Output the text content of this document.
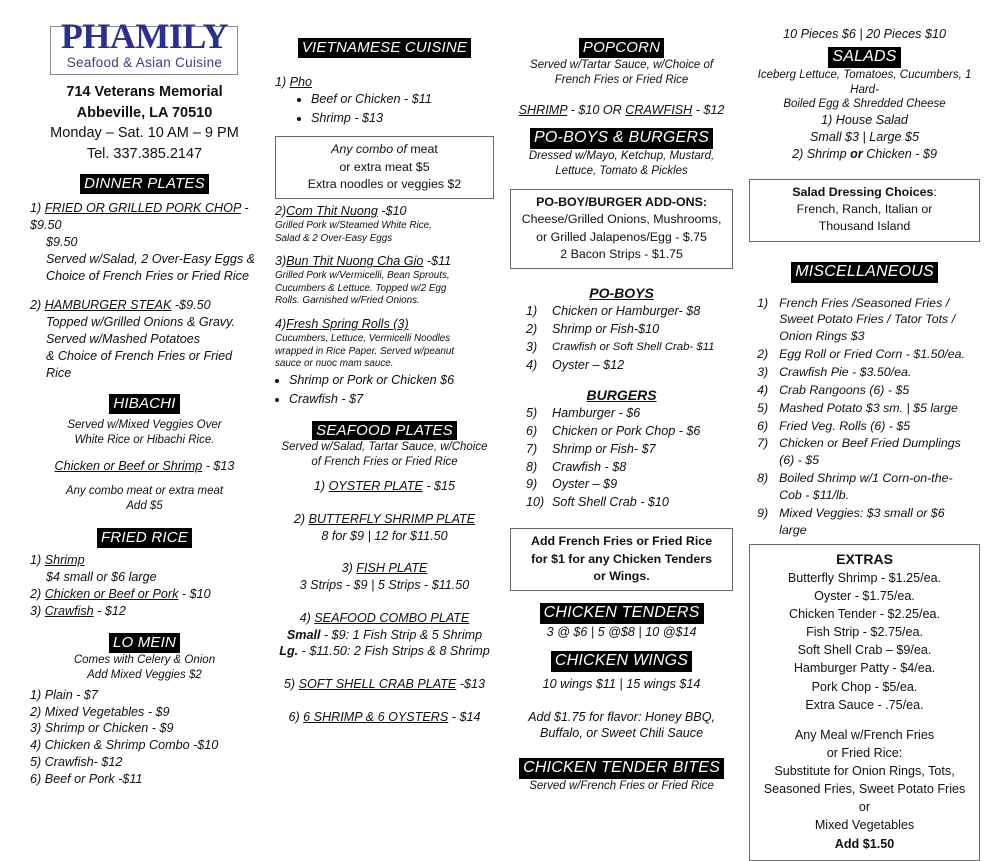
PHAMILY
Seafood & Asian Cuisine
714 Veterans Memorial
Abbeville, LA 70510
Monday – Sat. 10 AM – 9 PM
Tel. 337.385.2147
DINNER PLATES
1) FRIED OR GRILLED PORK CHOP - $9.50
$9.50
Served w/Salad, 2 Over-Easy Eggs &
Choice of French Fries or Fried Rice
2) HAMBURGER STEAK -$9.50
Topped w/Grilled Onions & Gravy.
Served w/Mashed Potatoes
& Choice of French Fries or Fried Rice
HIBACHI
Served w/Mixed Veggies Over
White Rice or Hibachi Rice.
Chicken or Beef or Shrimp - $13
Any combo meat or extra meat
Add $5
FRIED RICE
1) Shrimp
$4 small or $6 large
2) Chicken or Beef or Pork - $10
3) Crawfish - $12
LO MEIN
Comes with Celery & Onion
Add Mixed Veggies $2
1) Plain - $7
2) Mixed Vegetables - $9
3) Shrimp or Chicken - $9
4) Chicken & Shrimp Combo -$10
5) Crawfish- $12
6) Beef or Pork -$11
VIETNAMESE CUISINE
1) Pho
• Beef or Chicken - $11
• Shrimp - $13
Any combo of meat
or extra meat $5
Extra noodles or veggies $2
2)Com Thit Nuong -$10
Grilled Pork w/Steamed White Rice,
Salad & 2 Over-Easy Eggs
3)Bun Thit Nuong Cha Gio -$11
Grilled Pork w/Vermicelli, Bean Sprouts,
Cucumbers & Lettuce. Topped w/2 Egg
Rolls. Garnished w/Fried Onions.
4)Fresh Spring Rolls (3)
Cucumbers, Lettuce, Vermicelli Noodles
wrapped in Rice Paper. Served w/peanut
sauce or nuoc mam sauce.
• Shrimp or Pork or Chicken $6
• Crawfish - $7
SEAFOOD PLATES
Served w/Salad, Tartar Sauce, w/Choice
of French Fries or Fried Rice
1) OYSTER PLATE - $15
2) BUTTERFLY SHRIMP PLATE
8 for $9 | 12 for $11.50
3) FISH PLATE
3 Strips - $9 | 5 Strips - $11.50
4) SEAFOOD COMBO PLATE
Small - $9: 1 Fish Strip & 5 Shrimp
Lg. - $11.50: 2 Fish Strips & 8 Shrimp
5) SOFT SHELL CRAB PLATE -$13
6) 6 SHRIMP & 6 OYSTERS - $14
POPCORN
Served w/Tartar Sauce, w/Choice of
French Fries or Fried Rice
SHRIMP - $10 OR CRAWFISH - $12
PO-BOYS & BURGERS
Dressed w/Mayo, Ketchup, Mustard,
Lettuce, Tomato & Pickles
PO-BOY/BURGER ADD-ONS:
Cheese/Grilled Onions, Mushrooms,
or Grilled Jalapenos/Egg - $.75
2 Bacon Strips - $1.75
PO-BOYS
1)	Chicken or Hamburger- $8
2)	Shrimp or Fish-$10
3)	Crawfish or Soft Shell Crab- $11
4)	Oyster – $12
BURGERS
5)	Hamburger - $6
6)	Chicken or Pork Chop - $6
7)	Shrimp or Fish- $7
8)	Crawfish - $8
9)	Oyster – $9
10) Soft Shell Crab - $10
Add French Fries or Fried Rice
for $1 for any Chicken Tenders
or Wings.
CHICKEN TENDERS
3 @ $6 | 5 @$8 | 10 @$14
CHICKEN WINGS
10 wings $11 | 15 wings $14
Add $1.75 for flavor: Honey BBQ,
Buffalo, or Sweet Chili Sauce
CHICKEN TENDER BITES
Served w/French Fries or Fried Rice
10 Pieces $6 | 20 Pieces $10
SALADS
Iceberg Lettuce, Tomatoes, Cucumbers, 1 Hard-
Boiled Egg & Shredded Cheese
1) House Salad
Small $3 | Large $5
2) Shrimp or Chicken - $9
Salad Dressing Choices:
French, Ranch, Italian or
Thousand Island
MISCELLANEOUS
1) French Fries /Seasoned Fries /
Sweet Potato Fries / Tator Tots /
Onion Rings $3
2) Egg Roll or Fried Corn - $1.50/ea.
3) Crawfish Pie - $3.50/ea.
4) Crab Rangoons (6) - $5
5) Mashed Potato $3 sm. | $5 large
6) Fried Veg. Rolls (6) - $5
7) Chicken or Beef Fried Dumplings
(6) - $5
8) Boiled Shrimp w/1 Corn-on-the-
Cob - $11/lb.
9) Mixed Veggies: $3 small or $6
large
EXTRAS
Butterfly Shrimp - $1.25/ea.
Oyster - $1.75/ea.
Chicken Tender - $2.25/ea.
Fish Strip - $2.75/ea.
Soft Shell Crab – $9/ea.
Hamburger Patty - $4/ea.
Pork Chop - $5/ea.
Extra Sauce - .75/ea.
Any Meal w/French Fries
or Fried Rice:
Substitute for Onion Rings, Tots,
Seasoned Fries, Sweet Potato Fries or
Mixed Vegetables
Add $1.50
